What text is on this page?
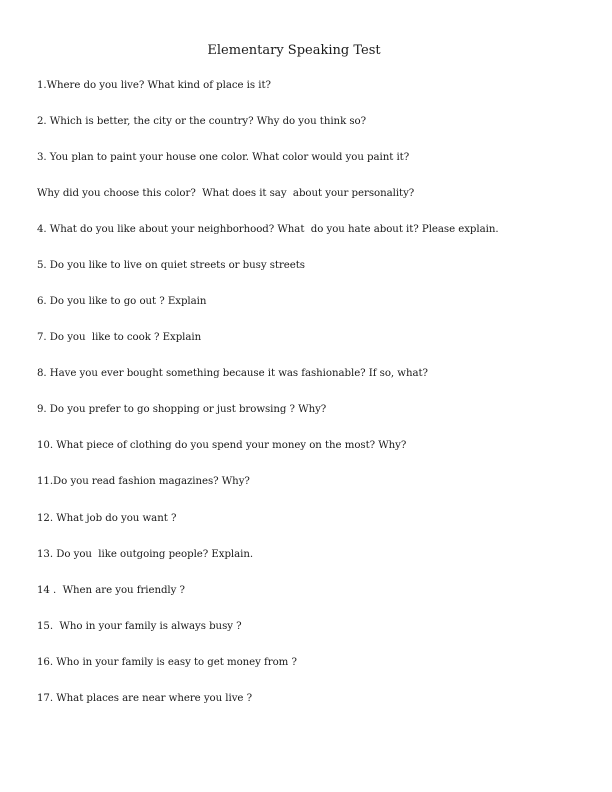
Elementary Speaking Test
1.Where do you live? What kind of place is it?
2. Which is better, the city or the country? Why do you think so?
3. You plan to paint your house one color. What color would you paint it?
Why did you choose this color?  What does it say  about your personality?
4. What do you like about your neighborhood? What  do you hate about it? Please explain.
5. Do you like to live on quiet streets or busy streets
6. Do you like to go out ? Explain
7. Do you  like to cook ? Explain
8. Have you ever bought something because it was fashionable? If so, what?
9. Do you prefer to go shopping or just browsing ? Why?
10. What piece of clothing do you spend your money on the most? Why?
11.Do you read fashion magazines? Why?
12. What job do you want ?
13. Do you  like outgoing people? Explain.
14 .  When are you friendly ?
15.  Who in your family is always busy ?
16. Who in your family is easy to get money from ?
17. What places are near where you live ?
